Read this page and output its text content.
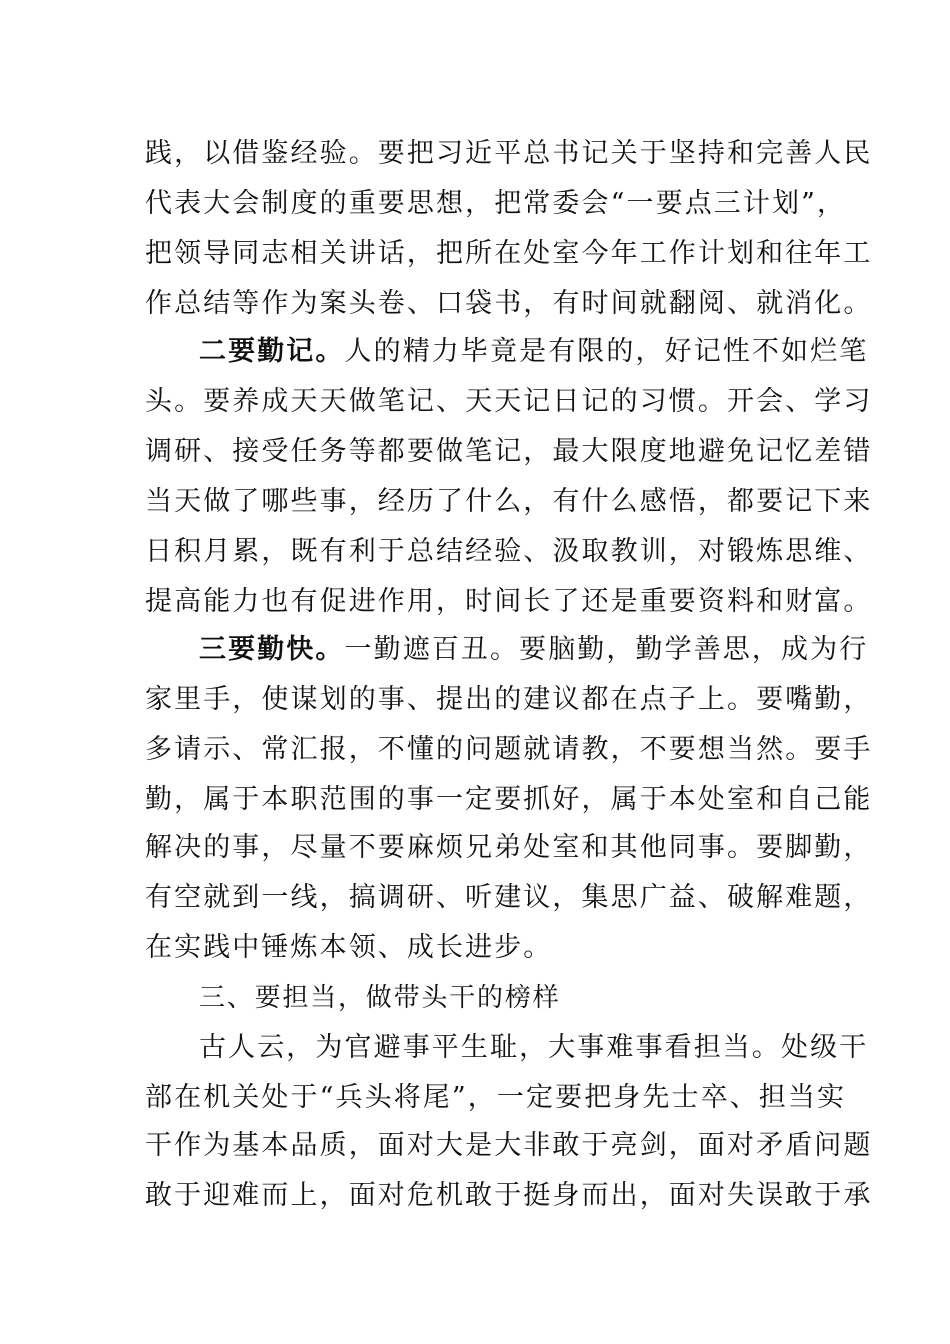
践，以借鉴经验。要把习近平总书记关于坚持和完善人民
代表大会制度的重要思想，把常委会“一要点三计划”，
把领导同志相关讲话，把所在处室今年工作计划和往年工
作总结等作为案头卷、口袋书，有时间就翻阅、就消化。
二要勤记。人的精力毕竟是有限的，好记性不如烂笔
头。要养成天天做笔记、天天记日记的习惯。开会、学习
调研、接受任务等都要做笔记，最大限度地避免记忆差错
当天做了哪些事，经历了什么，有什么感悟，都要记下来
日积月累，既有利于总结经验、汲取教训，对锻炼思维、
提高能力也有促进作用，时间长了还是重要资料和财富。
三要勤快。一勤遮百丑。要脑勤，勤学善思，成为行
家里手，使谋划的事、提出的建议都在点子上。要嘴勤，
多请示、常汇报，不懂的问题就请教，不要想当然。要手
勤，属于本职范围的事一定要抓好，属于本处室和自己能
解决的事，尽量不要麻烦兄弟处室和其他同事。要脚勤，
有空就到一线，搞调研、听建议，集思广益、破解难题，
在实践中锤炼本领、成长进步。
三、要担当，做带头干的榜样
古人云，为官避事平生耻，大事难事看担当。处级干
部在机关处于“兵头将尾”，一定要把身先士卒、担当实
干作为基本品质，面对大是大非敢于亮剑，面对矛盾问题
敢于迎难而上，面对危机敢于挺身而出，面对失误敢于承
